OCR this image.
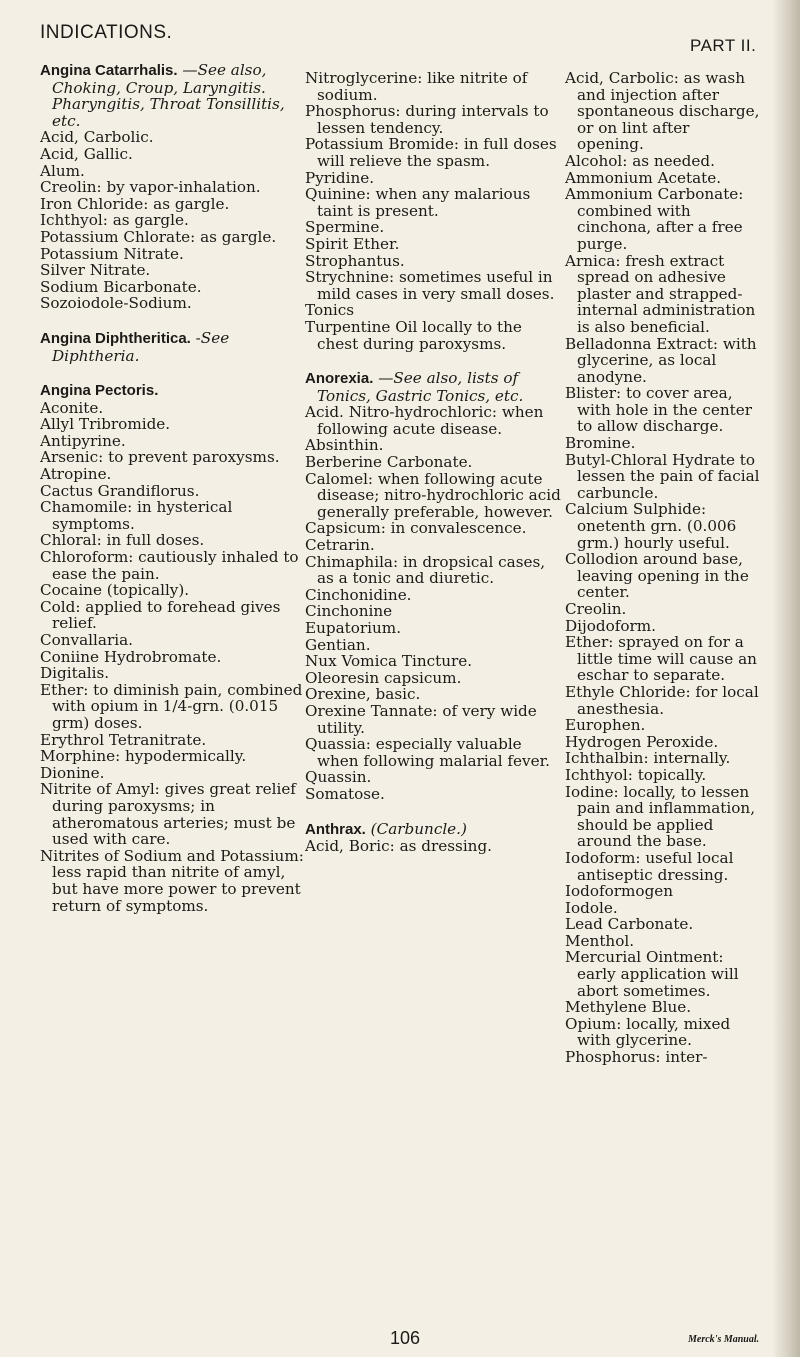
INDICATIONS.
PART II.

Angina Catarrhalis. —See also, Choking, Croup, Laryngitis. Pharyngitis, Throat Tonsillitis, etc.

Acid, Carbolic.

Acid, Gallic.

Alum.

Creolin: by vapor-inhalation.

Iron Chloride: as gargle.

Ichthyol: as gargle.

Potassium Chlorate: as gargle.

Potassium Nitrate.

Silver Nitrate.

Sodium Bicarbonate.

Sozoiodole-Sodium.

Angina Diphtheritica. -See Diphtheria.

Angina Pectoris.

Aconite.

Allyl Tribromide.

Antipyrine.

Arsenic: to prevent paroxysms.

Atropine.

Cactus Grandiflorus.

Chamomile: in hysterical symptoms.

Chloral: in full doses.

Chloroform: cautiously inhaled to ease the pain.

Cocaine (topically).

Cold: applied to forehead gives relief.

Convallaria.

Coniine Hydrobromate.

Digitalis.

Ether: to diminish pain, combined with opium in 1/4-grn. (0.015 grm) doses.

Erythrol Tetranitrate.

Morphine: hypodermically.

Dionine.

Nitrite of Amyl: gives great relief during paroxysms; in atheromatous arteries; must be used with care.

Nitrites of Sodium and Potassium: less rapid than nitrite of amyl, but have more power to prevent return of symptoms.

Nitroglycerine: like nitrite of sodium.

Phosphorus: during intervals to lessen tendency.

Potassium Bromide: in full doses will relieve the spasm.

Pyridine.

Quinine: when any malarious taint is present.

Spermine.

Spirit Ether.

Strophantus.

Strychnine: sometimes useful in mild cases in very small doses.

Tonics

Turpentine Oil locally to the chest during paroxysms.

Anorexia. —See also, lists of Tonics, Gastric Tonics, etc.

Acid. Nitro-hydrochloric: when following acute disease.

Absinthin.

Berberine Carbonate.

Calomel: when following acute disease; nitro-hydrochloric acid generally preferable, however.

Capsicum: in convalescence.

Cetrarin.

Chimaphila: in dropsical cases, as a tonic and diuretic.

Cinchonidine.

Cinchonine

Eupatorium.

Gentian.

Nux Vomica Tincture.

Oleoresin capsicum.

Orexine, basic.

Orexine Tannate: of very wide utility.

Quassia: especially valuable when following malarial fever.

Quassin.

Somatose.

Anthrax. (Carbuncle.)

Acid, Boric: as dressing.

Acid, Carbolic: as wash and injection after spontaneous discharge, or on lint after opening.

Alcohol: as needed.

Ammonium Acetate.

Ammonium Carbonate: combined with cinchona, after a free purge.

Arnica: fresh extract spread on adhesive plaster and strapped-internal administration is also beneficial.

Belladonna Extract: with glycerine, as local anodyne.

Blister: to cover area, with hole in the center to allow discharge.

Bromine.

Butyl-Chloral Hydrate to lessen the pain of facial carbuncle.

Calcium Sulphide: onetenth grn. (0.006 grm.) hourly useful.

Collodion around base, leaving opening in the center.

Creolin.

Dijodoform.

Ether: sprayed on for a little time will cause an eschar to separate.

Ethyle Chloride: for local anesthesia.

Europhen.

Hydrogen Peroxide.

Ichthalbin: internally.

Ichthyol: topically.

Iodine: locally, to lessen pain and inflammation, should be applied around the base.

Iodoform: useful local antiseptic dressing.

Iodoformogen

Iodole.

Lead Carbonate.

Menthol.

Mercurial Ointment: early application will abort sometimes.

Methylene Blue.

Opium: locally, mixed with glycerine.

Phosphorus: inter-

106	Merck's Manual.
